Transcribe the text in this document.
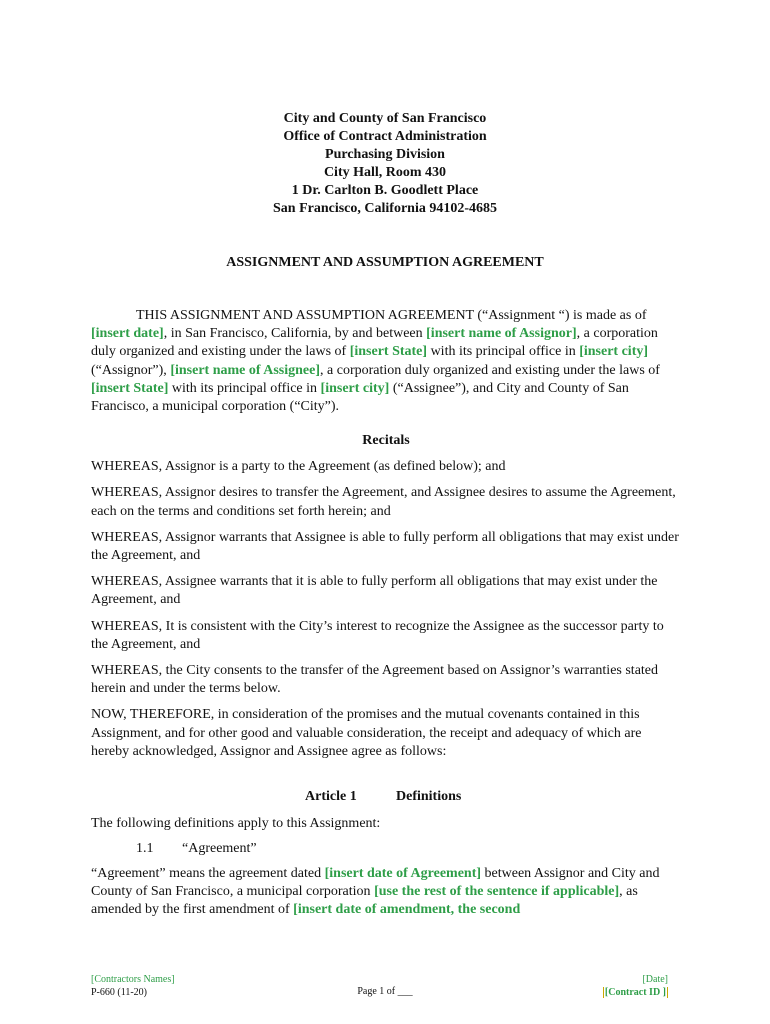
City and County of San Francisco
Office of Contract Administration
Purchasing Division
City Hall, Room 430
1 Dr. Carlton B. Goodlett Place
San Francisco, California 94102-4685
ASSIGNMENT AND ASSUMPTION AGREEMENT

THIS ASSIGNMENT AND ASSUMPTION AGREEMENT (“Assignment “) is made as of [insert date], in San Francisco, California, by and between [insert name of Assignor], a corporation duly organized and existing under the laws of [insert State] with its principal office in [insert city] (“Assignor”), [insert name of Assignee], a corporation duly organized and existing under the laws of [insert State] with its principal office in [insert city] (“Assignee”), and City and County of San Francisco, a municipal corporation (“City”).

Recitals

WHEREAS, Assignor is a party to the Agreement (as defined below); and

WHEREAS, Assignor desires to transfer the Agreement, and Assignee desires to assume the Agreement, each on the terms and conditions set forth herein; and

WHEREAS, Assignor warrants that Assignee is able to fully perform all obligations that may exist under the Agreement, and

WHEREAS, Assignee warrants that it is able to fully perform all obligations that may exist under the Agreement, and

WHEREAS, It is consistent with the City’s interest to recognize the Assignee as the successor party to the Agreement, and

WHEREAS, the City consents to the transfer of the Agreement based on Assignor’s warranties stated herein and under the terms below.

NOW, THEREFORE, in consideration of the promises and the mutual covenants contained in this Assignment, and for other good and valuable consideration, the receipt and adequacy of which are hereby acknowledged, Assignor and Assignee agree as follows:

Article 1	Definitions
The following definitions apply to this Assignment:
1.1	“Agreement”
“Agreement” means the agreement dated [insert date of Agreement] between Assignor and City and County of San Francisco, a municipal corporation [use the rest of the sentence if applicable], as amended by the first amendment of [insert date of amendment, the second
[Contractors Names]
P-660 (11-20)	Page 1 of ___
[Date]
[Contract ID ]
